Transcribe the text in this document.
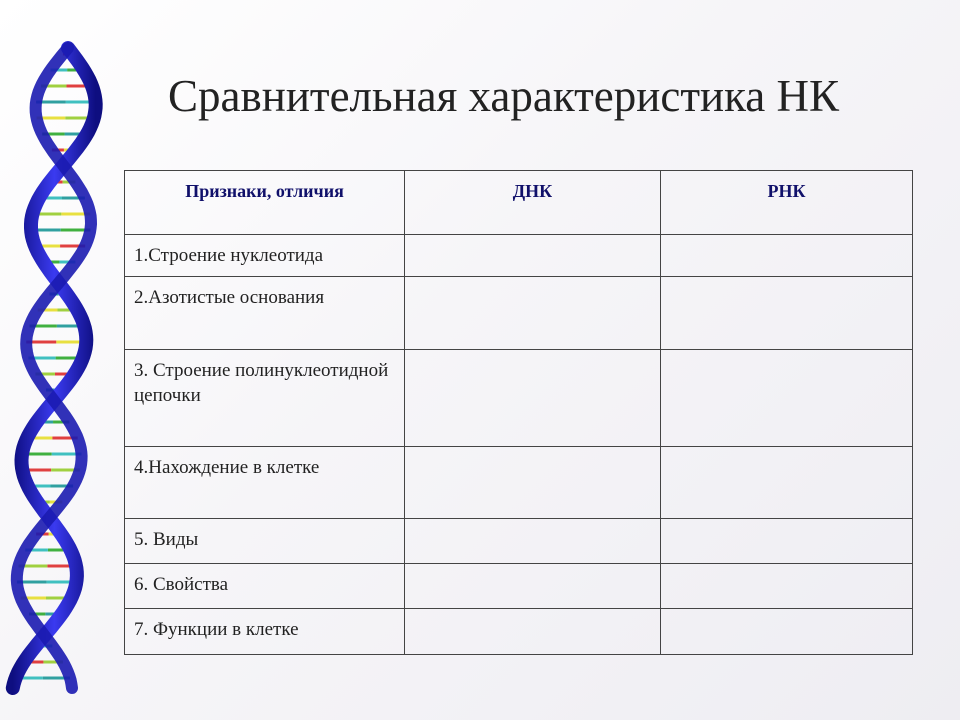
Сравнительная характеристика НК
Признаки, отличия	ДНК	РНК
1.Строение нуклеотида		
2.Азотистые основания		
3. Строение полинуклеотидной цепочки		
4.Нахождение в клетке		
5. Виды		
6. Свойства		
7. Функции в клетке		
